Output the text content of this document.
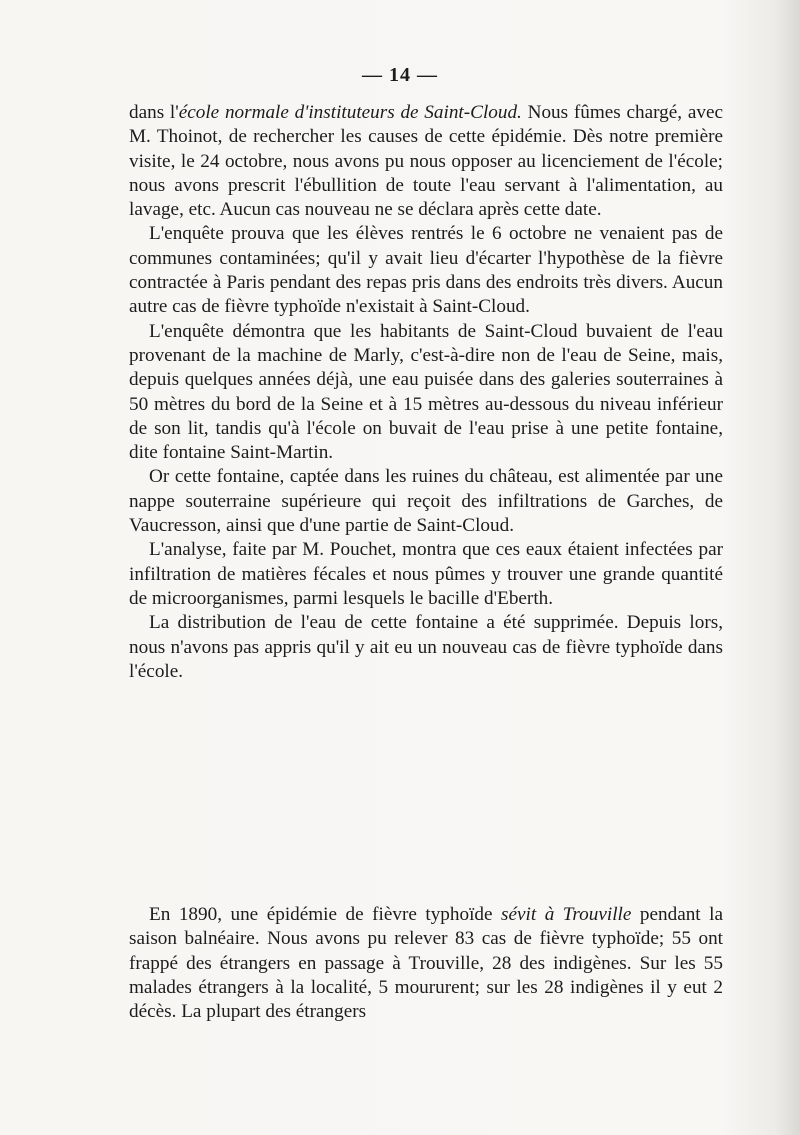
— 14 —

dans l'école normale d'instituteurs de Saint-Cloud. Nous fûmes chargé, avec M. Thoinot, de rechercher les causes de cette épidémie. Dès notre première visite, le 24 octobre, nous avons pu nous opposer au licenciement de l'école; nous avons prescrit l'ébullition de toute l'eau servant à l'alimentation, au lavage, etc. Aucun cas nouveau ne se déclara après cette date.

L'enquête prouva que les élèves rentrés le 6 octobre ne venaient pas de communes contaminées; qu'il y avait lieu d'écarter l'hypothèse de la fièvre contractée à Paris pendant des repas pris dans des endroits très divers. Aucun autre cas de fièvre typhoïde n'existait à Saint-Cloud.

L'enquête démontra que les habitants de Saint-Cloud buvaient de l'eau provenant de la machine de Marly, c'est-à-dire non de l'eau de Seine, mais, depuis quelques années déjà, une eau puisée dans des galeries souterraines à 50 mètres du bord de la Seine et à 15 mètres au-dessous du niveau inférieur de son lit, tandis qu'à l'école on buvait de l'eau prise à une petite fontaine, dite fontaine Saint-Martin.

Or cette fontaine, captée dans les ruines du château, est alimentée par une nappe souterraine supérieure qui reçoit des infiltrations de Garches, de Vaucresson, ainsi que d'une partie de Saint-Cloud.

L'analyse, faite par M. Pouchet, montra que ces eaux étaient infectées par infiltration de matières fécales et nous pûmes y trouver une grande quantité de microorganismes, parmi lesquels le bacille d'Eberth.

La distribution de l'eau de cette fontaine a été supprimée. Depuis lors, nous n'avons pas appris qu'il y ait eu un nouveau cas de fièvre typhoïde dans l'école.

En 1890, une épidémie de fièvre typhoïde sévit à Trouville pendant la saison balnéaire. Nous avons pu relever 83 cas de fièvre typhoïde; 55 ont frappé des étrangers en passage à Trouville, 28 des indigènes. Sur les 55 malades étrangers à la localité, 5 moururent; sur les 28 indigènes il y eut 2 décès. La plupart des étrangers
